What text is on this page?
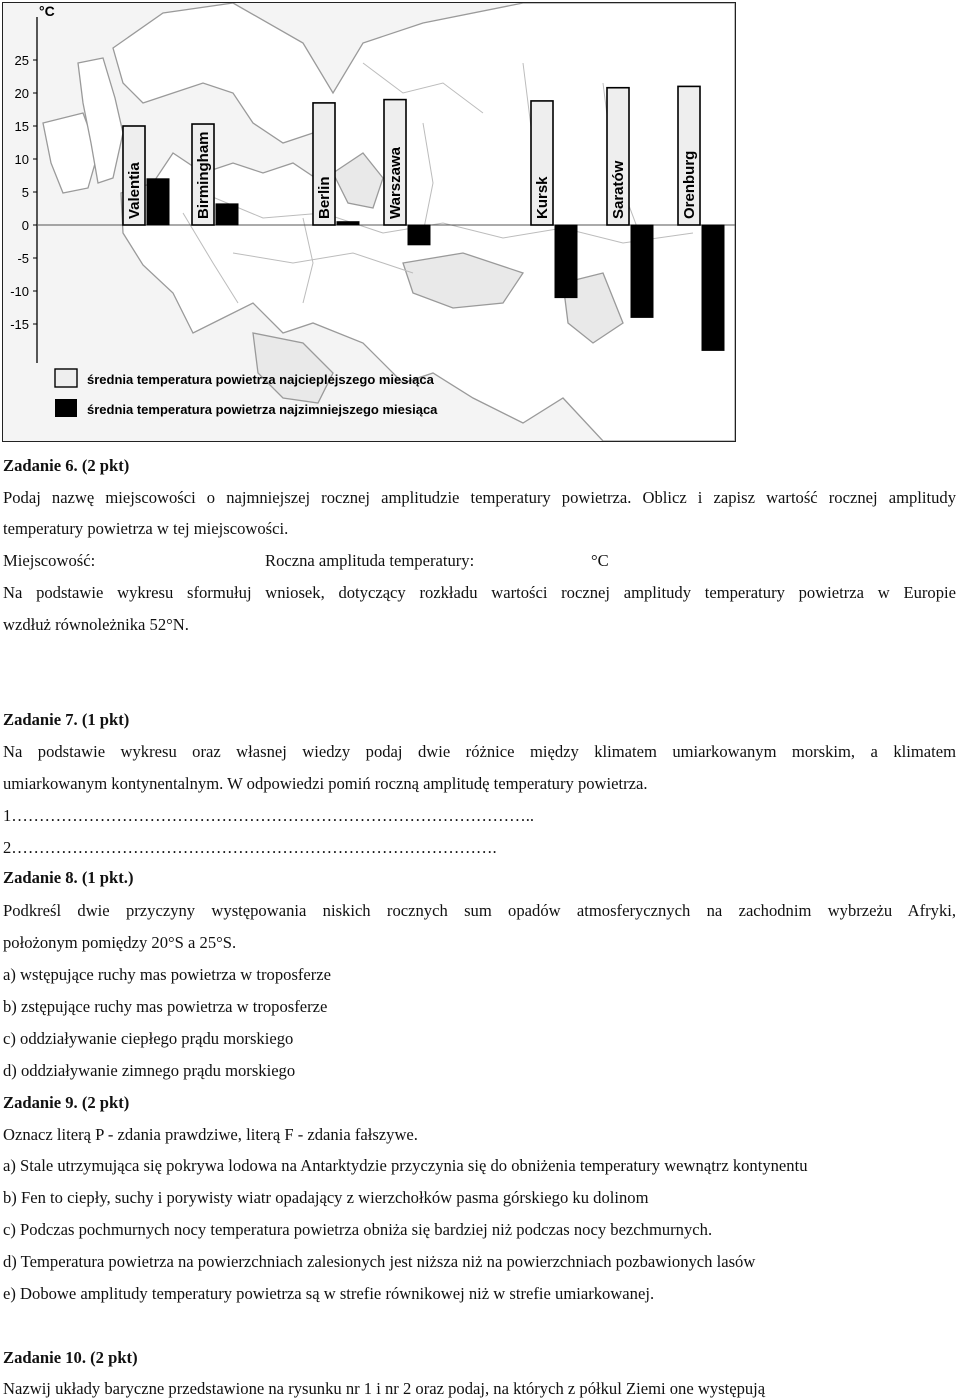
°C
25
20
15
10
5
0
-5
-10
-15
Valentia	Birmingham	Berlin	Warszawa	Kursk	Saratów	Orenburg
średnia temperatura powietrza najcieplejszego miesiąca
średnia temperatura powietrza najzimniejszego miesiąca
Zadanie 6. (2 pkt)
Podaj nazwę miejscowości o najmniejszej rocznej amplitudzie temperatury powietrza. Oblicz i zapisz wartość rocznej amplitudy
temperatury powietrza w tej miejscowości.
Miejscowość:	Roczna amplituda temperatury:	°C
Na podstawie wykresu sformułuj wniosek, dotyczący rozkładu wartości rocznej amplitudy temperatury powietrza w Europie
wzdłuż równoleżnika 52°N.
Zadanie 7. (1 pkt)
Na podstawie wykresu oraz własnej wiedzy podaj dwie różnice między klimatem umiarkowanym morskim, a klimatem
umiarkowanym kontynentalnym. W odpowiedzi pomiń roczną amplitudę temperatury powietrza.
1…………………………………………………………………………………..
2…………………………………………………………………………….
Zadanie 8. (1 pkt.)
Podkreśl dwie przyczyny występowania niskich rocznych sum opadów atmosferycznych na zachodnim wybrzeżu Afryki,
położonym pomiędzy 20°S a 25°S.
a) wstępujące ruchy mas powietrza w troposferze
b) zstępujące ruchy mas powietrza w troposferze
c) oddziaływanie ciepłego prądu morskiego
d) oddziaływanie zimnego prądu morskiego
Zadanie 9. (2 pkt)
Oznacz literą P - zdania prawdziwe, literą F - zdania fałszywe.
a) Stale utrzymująca się pokrywa lodowa na Antarktydzie przyczynia się do obniżenia temperatury wewnątrz kontynentu
b) Fen to ciepły, suchy i porywisty wiatr opadający z wierzchołków pasma górskiego ku dolinom
c) Podczas pochmurnych nocy temperatura powietrza obniża się bardziej niż podczas nocy bezchmurnych.
d) Temperatura powietrza na powierzchniach zalesionych jest niższa niż na powierzchniach pozbawionych lasów
e) Dobowe amplitudy temperatury powietrza są w strefie równikowej niż w strefie umiarkowanej.
Zadanie 10. (2 pkt)
Nazwij układy baryczne przedstawione na rysunku nr 1 i nr 2 oraz podaj, na których z półkul Ziemi one występują
